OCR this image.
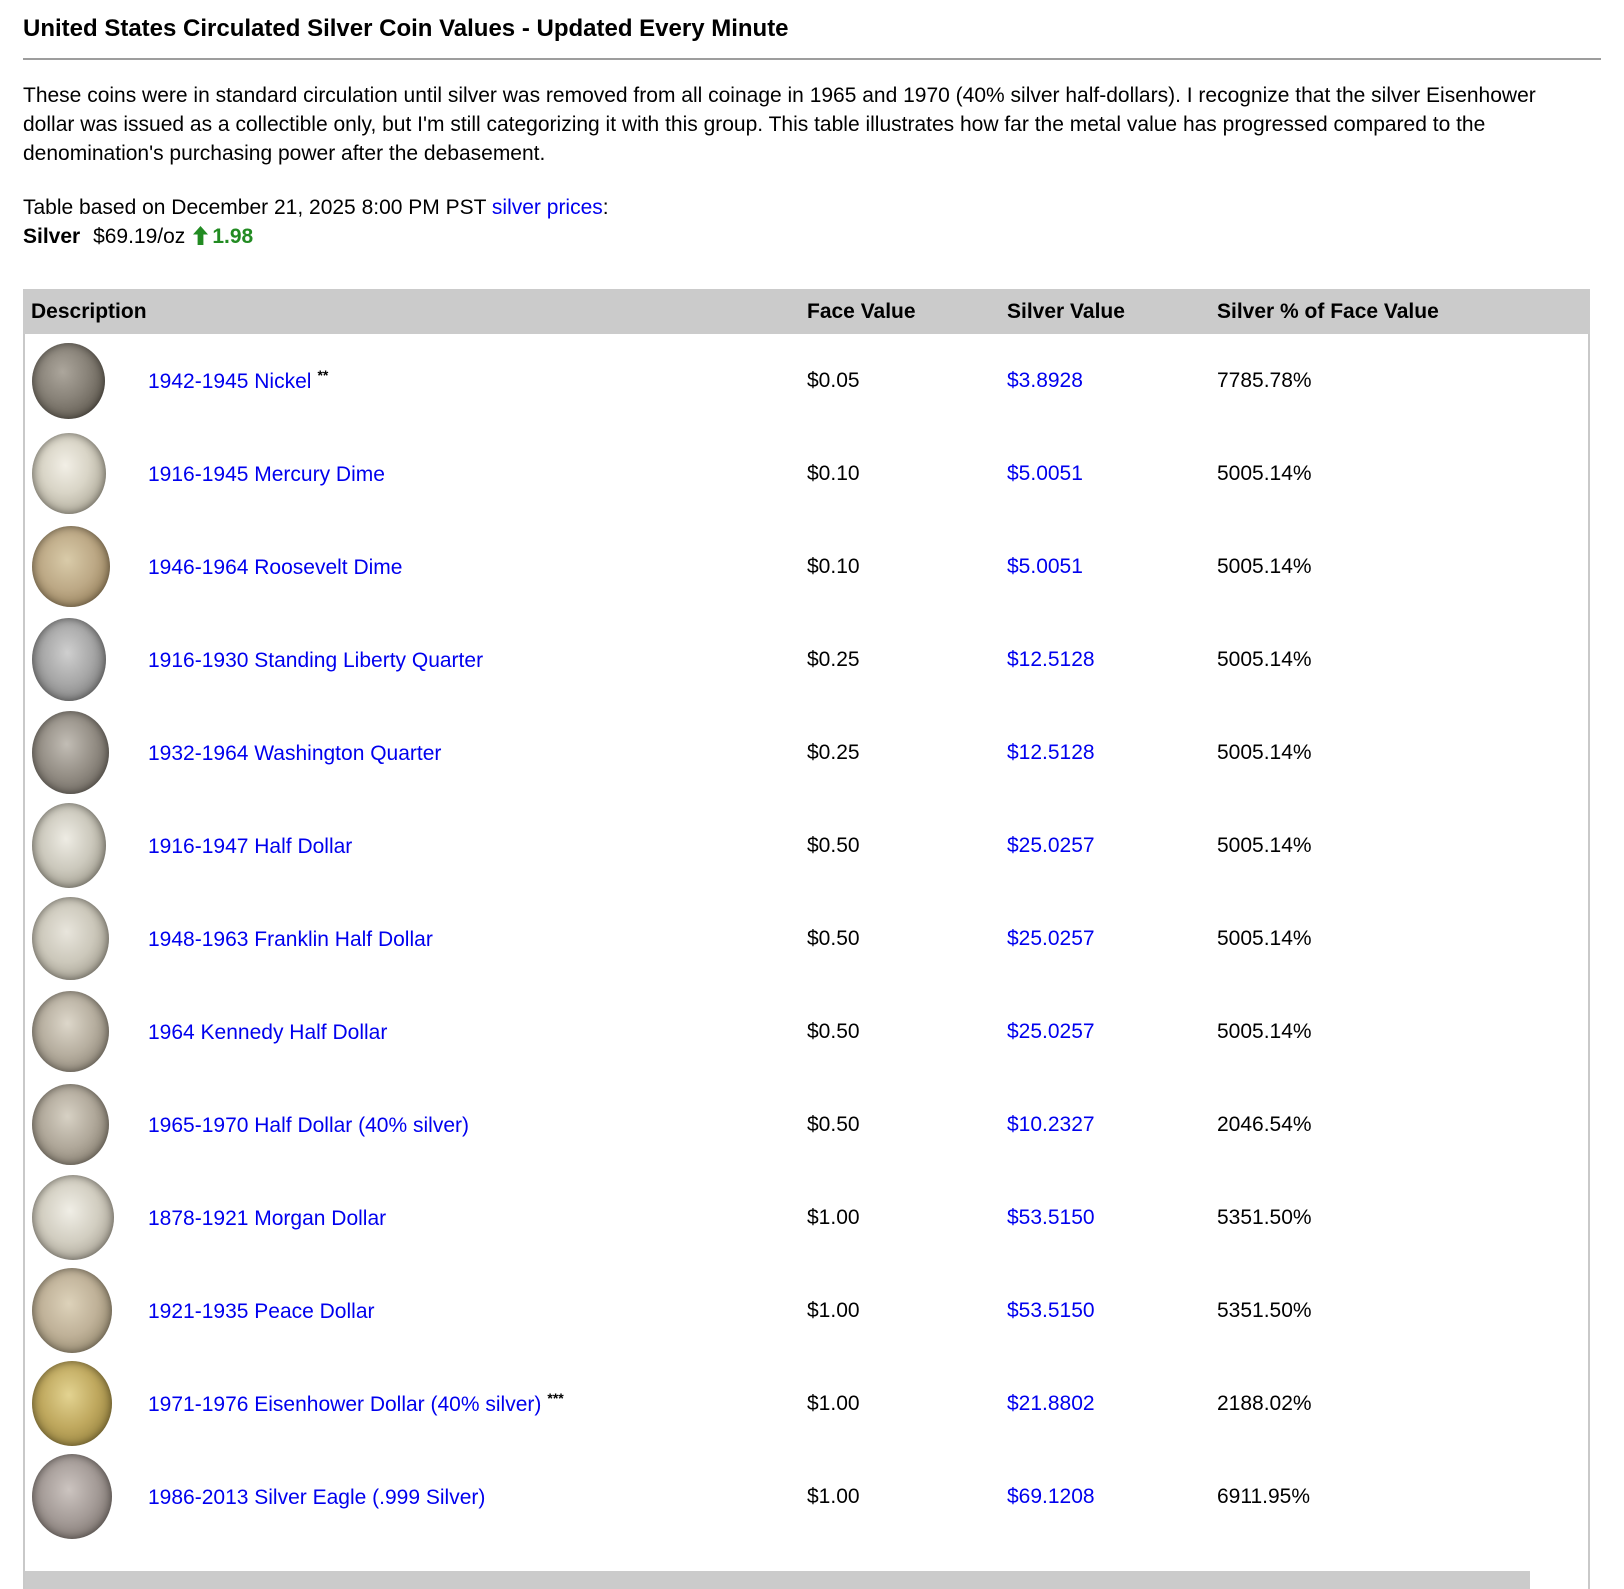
United States Circulated Silver Coin Values - Updated Every Minute

These coins were in standard circulation until silver was removed from all coinage in 1965 and 1970 (40% silver half-dollars). I recognize that the silver Eisenhower dollar was issued as a collectible only, but I'm still categorizing it with this group. This table illustrates how far the metal value has progressed compared to the denomination's purchasing power after the debasement.

Table based on December 21, 2025 8:00 PM PST silver prices:
Silver $69.19/oz 1.98
Description	Face Value	Silver Value	Silver % of Face Value
1942-1945 Nickel **	$0.05	$3.8928	7785.78%
1916-1945 Mercury Dime	$0.10	$5.0051	5005.14%
1946-1964 Roosevelt Dime	$0.10	$5.0051	5005.14%
1916-1930 Standing Liberty Quarter	$0.25	$12.5128	5005.14%
1932-1964 Washington Quarter	$0.25	$12.5128	5005.14%
1916-1947 Half Dollar	$0.50	$25.0257	5005.14%
1948-1963 Franklin Half Dollar	$0.50	$25.0257	5005.14%
1964 Kennedy Half Dollar	$0.50	$25.0257	5005.14%
1965-1970 Half Dollar (40% silver)	$0.50	$10.2327	2046.54%
1878-1921 Morgan Dollar	$1.00	$53.5150	5351.50%
1921-1935 Peace Dollar	$1.00	$53.5150	5351.50%
1971-1976 Eisenhower Dollar (40% silver) ***	$1.00	$21.8802	2188.02%
1986-2013 Silver Eagle (.999 Silver)	$1.00	$69.1208	6911.95%
